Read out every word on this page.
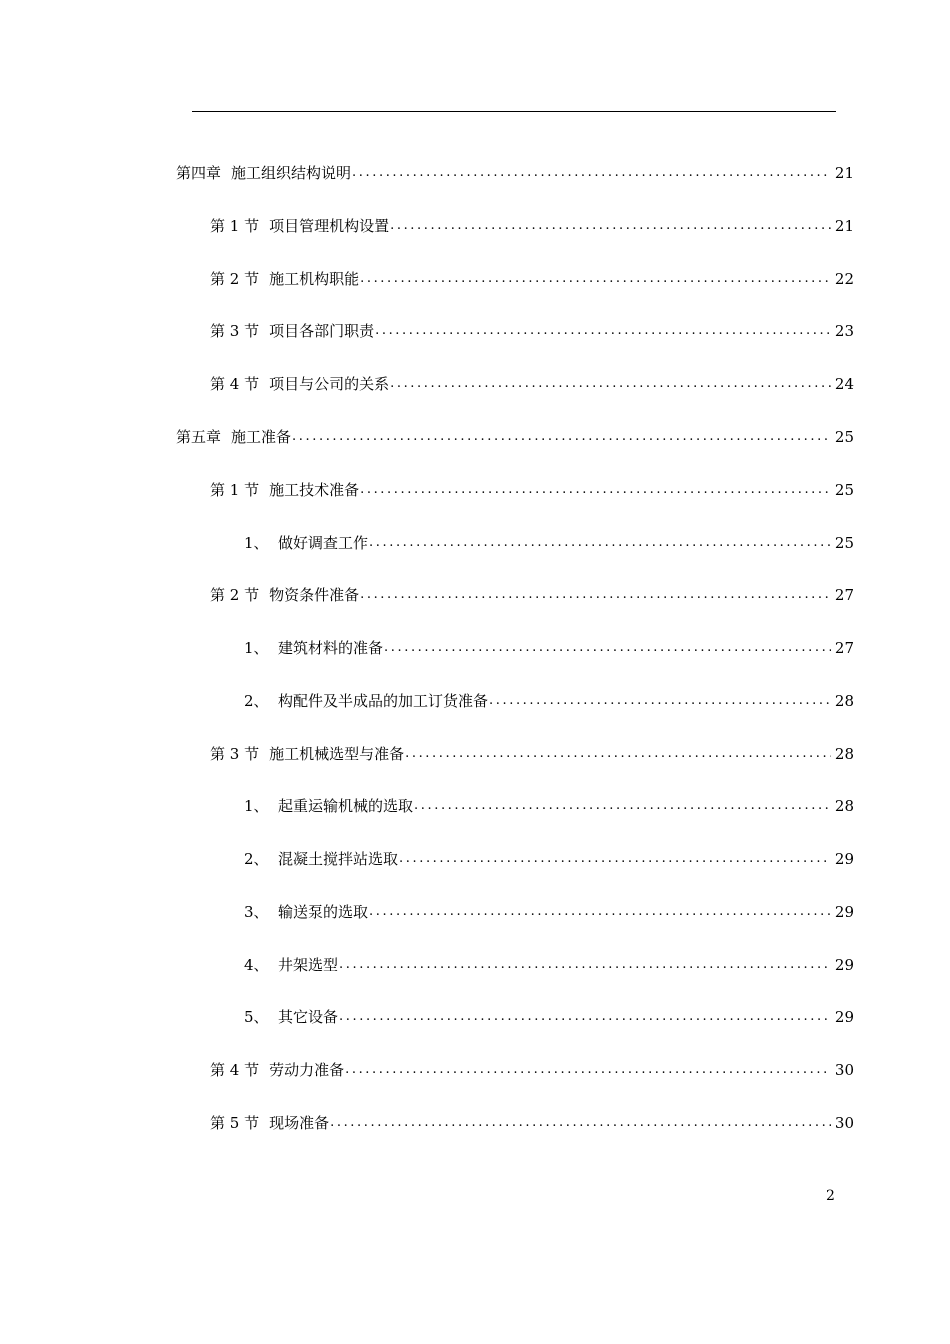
第四章 施工组织结构说明 .....	21
第 1 节 项目管理机构设置 .....	21
第 2 节 施工机构职能 .....	22
第 3 节 项目各部门职责 .....	23
第 4 节 项目与公司的关系 .....	24
第五章 施工准备 .....	25
第 1 节 施工技术准备 .....	25
1、 做好调查工作 .....	25
第 2 节 物资条件准备 .....	27
1、 建筑材料的准备 .....	27
2、 构配件及半成品的加工订货准备 .....	28
第 3 节 施工机械选型与准备 .....	28
1、 起重运输机械的选取 .....	28
2、 混凝土搅拌站选取 .....	29
3、 输送泵的选取 .....	29
4、 井架选型 .....	29
5、 其它设备 .....	29
第 4 节 劳动力准备 .....	30
第 5 节 现场准备 .....	30
2
